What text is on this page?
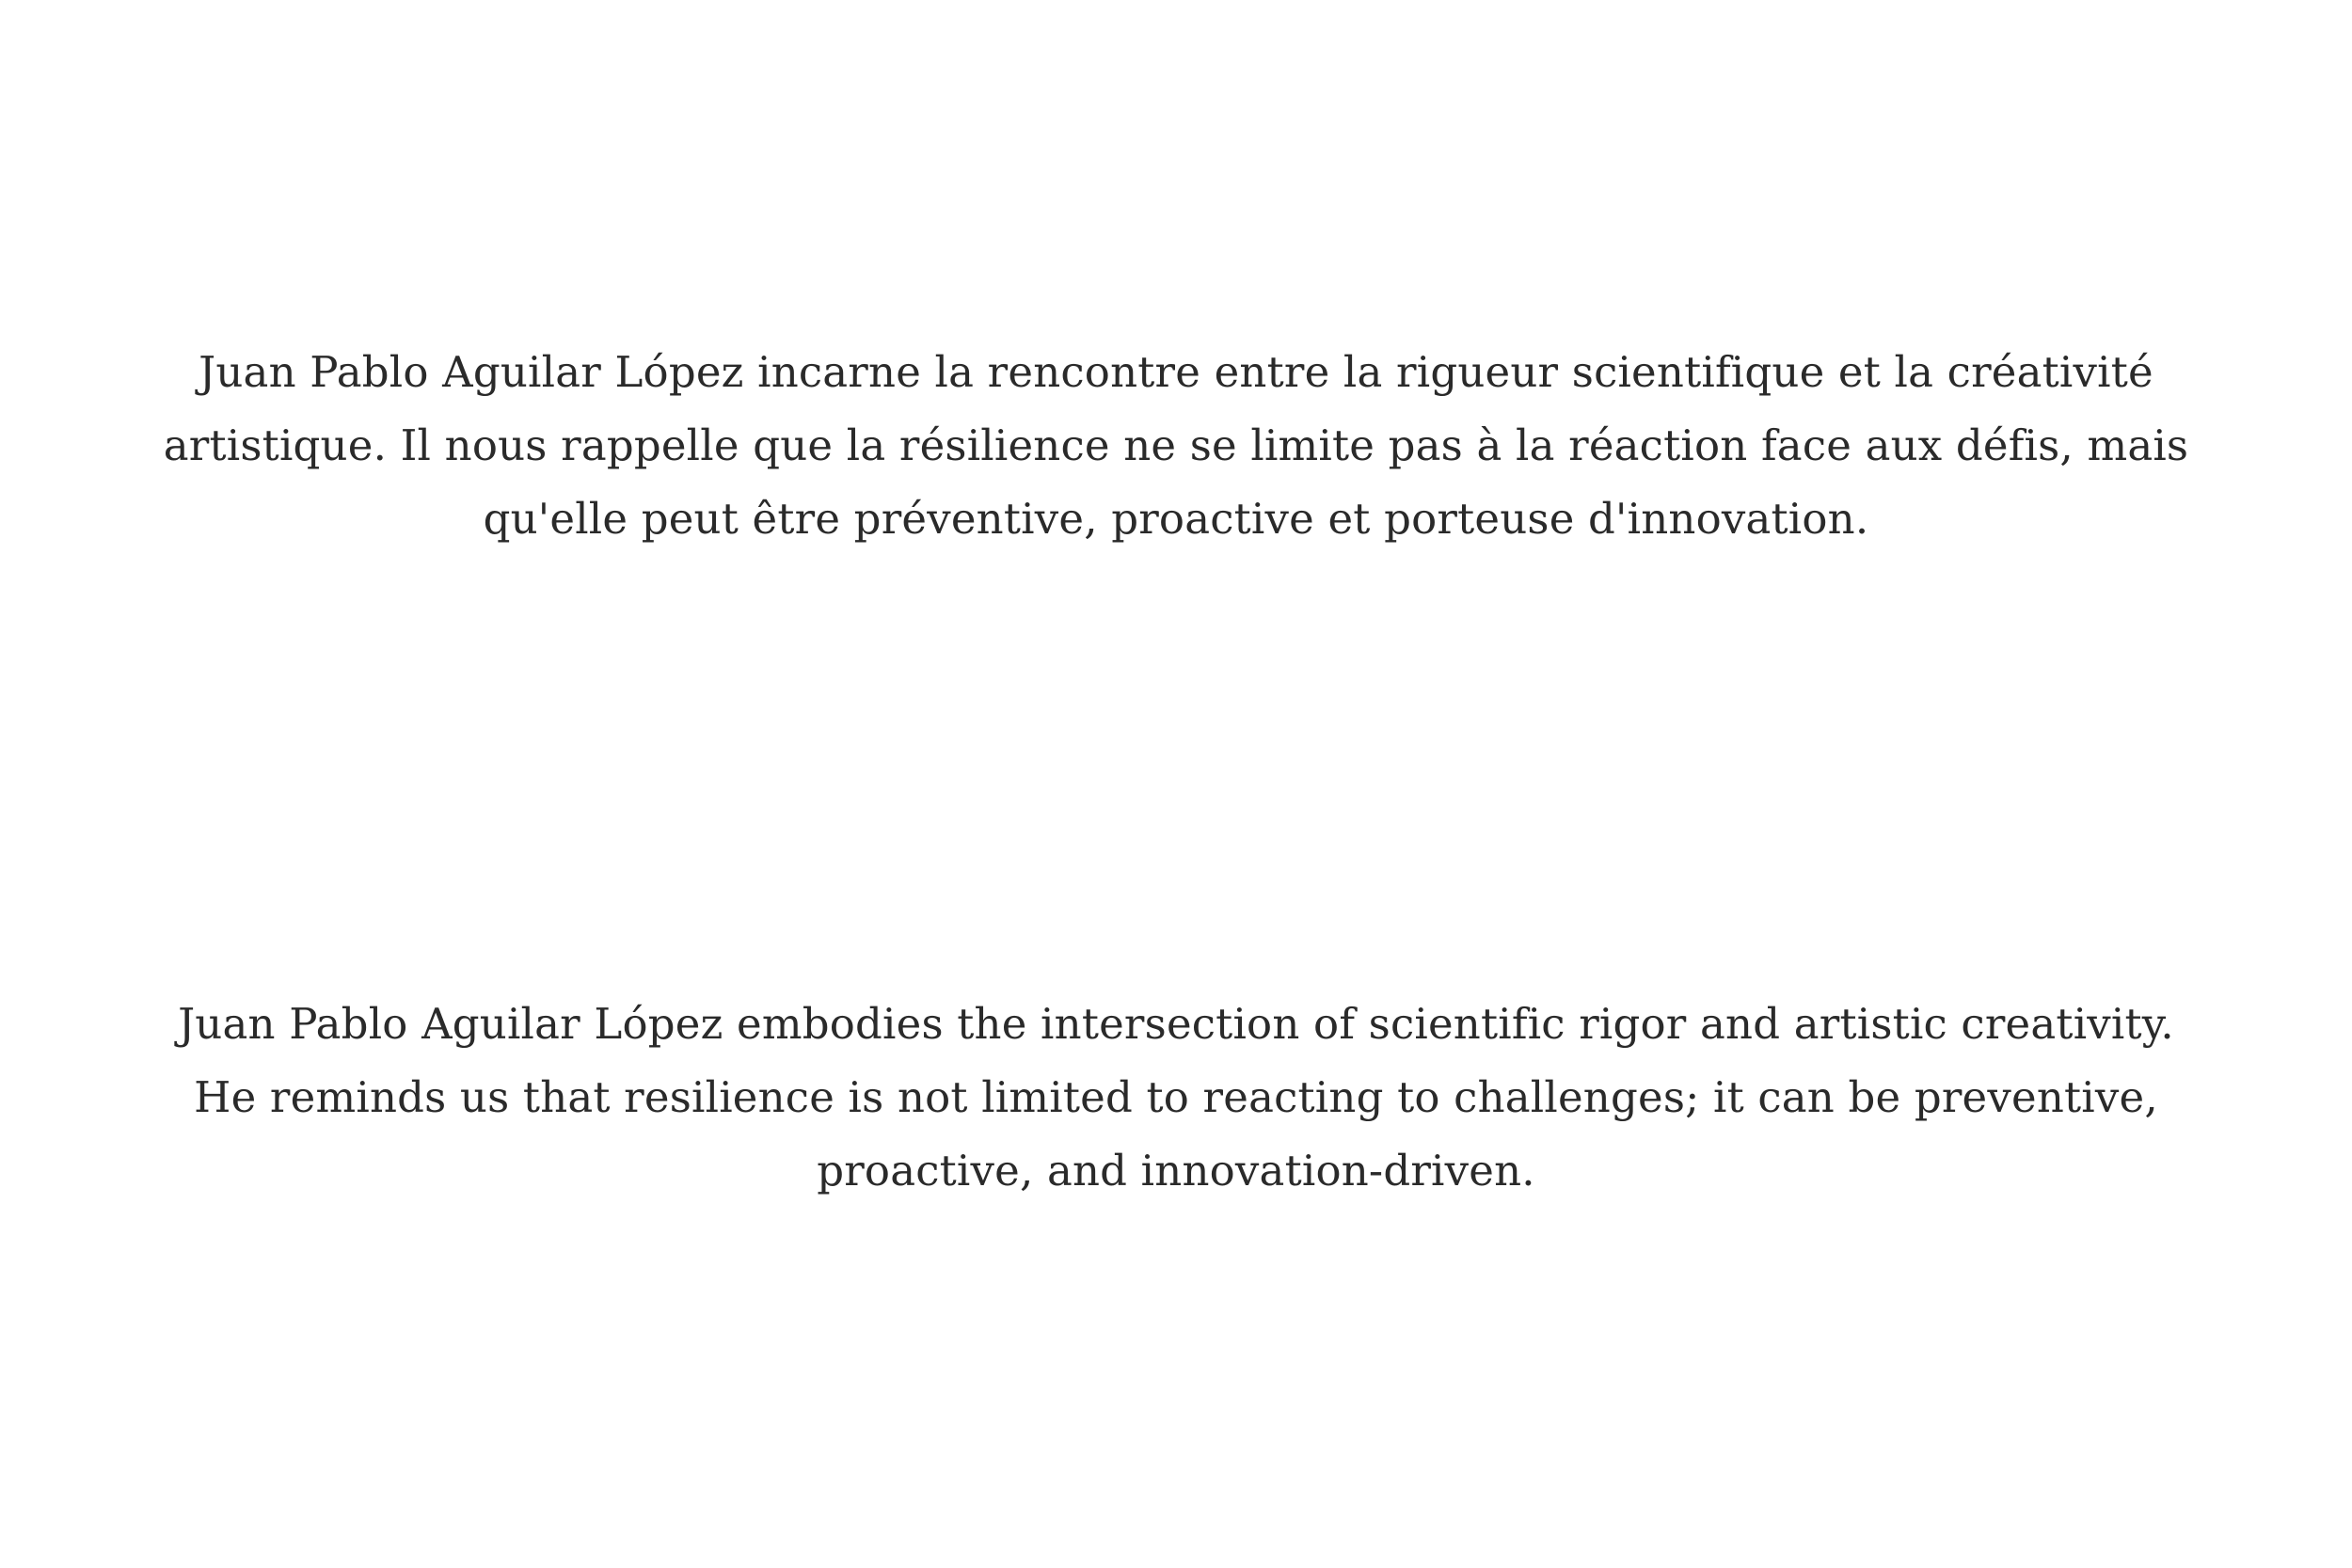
Juan Pablo Aguilar López incarne la rencontre entre la rigueur scientifique et la créativité
artistique. Il nous rappelle que la résilience ne se limite pas à la réaction face aux défis, mais
qu'elle peut être préventive, proactive et porteuse d'innovation.

Juan Pablo Aguilar López embodies the intersection of scientific rigor and artistic creativity.
He reminds us that resilience is not limited to reacting to challenges; it can be preventive,
proactive, and innovation-driven.
